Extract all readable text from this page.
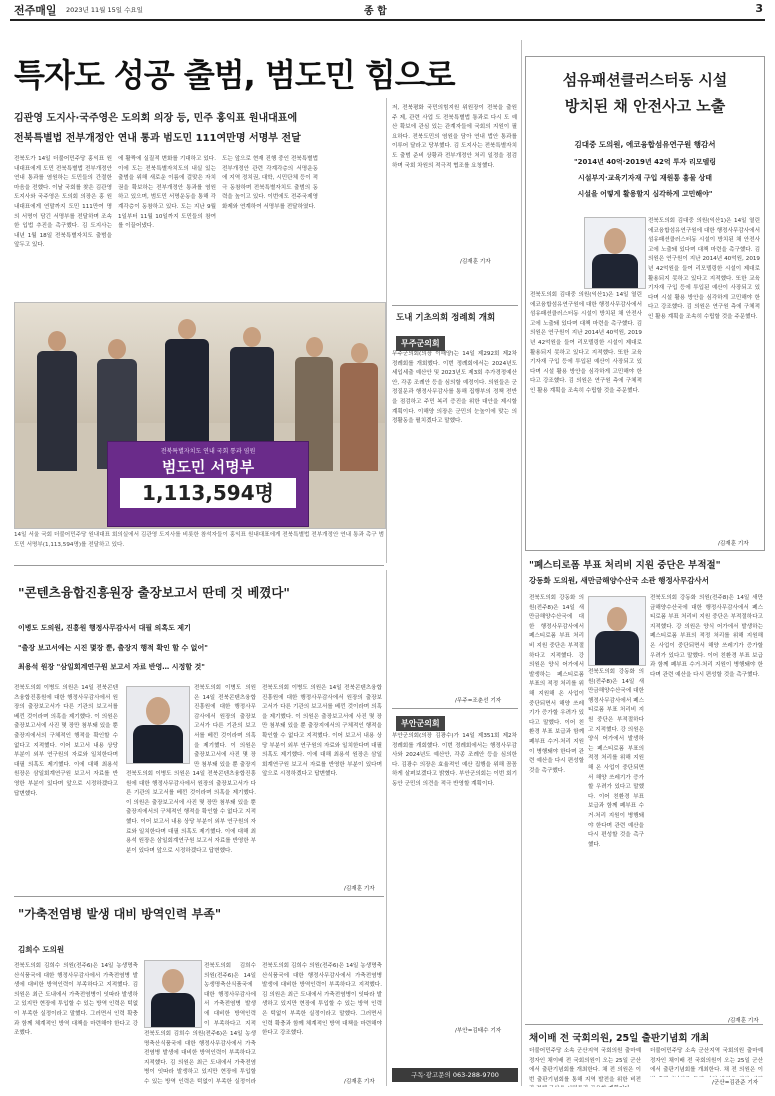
전주매일 2023년 11월 15일 수요일	종 합	3
특자도 성공 출범, 범도민 힘으로
김관영 도지사·국주영은 도의회 의장 등, 민주 홍익표 원내대표에
전북특별법 전부개정안 연내 통과 범도민 111여만명 서명부 전달
전북도가 14일 더불어민주당 홍익표 원내대표에게 도민 전북특별법 전부개정안 연내 통과를 염원하는 도민들의 간절한 마음을 전했다. 이날 국회를 찾은 김관영 도지사와 국주영은 도의회 의장은 홍 원내대표에게 연말까지 도민 111만여 명의 서명이 담긴 서명부를 전달하며 조속한 입법 추진을 촉구했다. 김 도지사는 내년 1월 18일 전북특별자치도 출범을 앞두고 있다.
에 활짝에 실질적 변화를 기대하고 있다. 이에 도는 전북특별자치도의 내실 있는 출범을 위해 새로운 이름에 걸맞은 자치권을 확보하는 전부개정안 통과를 염원하고 있으며, 범도민 서명운동을 통해 각계각층이 동참하고 있다. 도는 지난 9월 1일부터 11월 10일까지 도민들의 참여를 이끌어냈다.
도는 앞으로 현재 진행 중인 전북특별법 전부개정안 관련 각계각층의 서명운동에 지역 정치권, 대학, 시민단체 등이 적극 동참하며 전북특별자치도 출범의 동력을 높이고 있다. 이번에도 전주국제영화제와 연계하여 서명부를 전달하였다.
전북특별자치도 연내 국회 통과 염원
범도민 서명부
1,113,594명
14일 서울 국회 더불어민주당 원내대표 회의실에서 김관영 도지사를 비롯한 참석자들이 홍익표 원내대표에게 전북특별법 전부개정안 연내 통과 촉구 범도민 서명부(1,113,594명)를 전달하고 있다.
저, 전북평화 국민의힘지원 위원장이 전북을 출원 주 제, 관련 사업 도 전북특별법 통과로 다시 도 예산 확보에 관심 있는 관계자들에 국회의 지원이 필요하다. 전북도민의 염원을 담아 연내 법안 통과를 이루어 달라고 당부했다. 김 도지사는 전북특별자치도 출범 준비 상황과 전부개정안 처리 일정을 점검하며 국회 차원의 적극적 협조를 요청했다.
/김재훈 기자
도내 기초의회 정례회 개회
무주군의회
무주군의회(의장 이해양)는 14일 제292회 제2차 정례회를 개회했다. 이번 정례회에서는 2024년도 세입세출 예산안 및 2023년도 제3회 추가경정예산안, 각종 조례안 등을 심의할 예정이다. 의원들은 군정질문과 행정사무감사를 통해 집행부의 정책 전반을 점검하고 주민 복리 증진을 위한 대안을 제시할 계획이다. 이해양 의장은 군민의 눈높이에 맞는 의정활동을 펼치겠다고 말했다.
/무주=조춘선 기자
부안군의회
부안군의회(의장 김광수)가 14일 제351회 제2차 정례회를 개회했다. 이번 정례회에서는 행정사무감사와 2024년도 예산안, 각종 조례안 등을 심의한다. 김광수 의장은 효율적인 예산 집행을 위해 꼼꼼하게 살펴보겠다고 밝혔다. 부안군의회는 이번 회기 동안 군민의 의견을 적극 반영할 계획이다.
/부안=김태수 기자
구독·광고문의 063-288-9700
섬유패션클러스터동 시설
방치된 채 안전사고 노출
김대중 도의원, 에코융합섬유연구원 행감서
"2014년 40억·2019년 42억 투자 리모델링
시설부지·교육기자재 구입 재원통 흉물 상태
시설을 어떻게 활용할지 심각하게 고민해야"
전북도의회 김대중 의원(익산1)은 14일 열린 에코융합섬유연구원에 대한 행정사무감사에서 섬유패션클러스터동 시설이 방치된 채 안전사고에 노출돼 있다며 대책 마련을 촉구했다. 김 의원은 연구원이 지난 2014년 40억원, 2019년 42억원을 들여 리모델링한 시설이 제대로 활용되지 못하고 있다고 지적했다. 또한 교육기자재 구입 등에 투입된 예산이 사장되고 있다며 시설 활용 방안을 심각하게 고민해야 한다고 강조했다. 김 의원은 연구원 측에 구체적인 활용 계획을 조속히 수립할 것을 주문했다.
전북도의회 김대중 의원(익산1)은 14일 열린 에코융합섬유연구원에 대한 행정사무감사에서 섬유패션클러스터동 시설이 방치된 채 안전사고에 노출돼 있다며 대책 마련을 촉구했다. 김 의원은 연구원이 지난 2014년 40억원, 2019년 42억원을 들여 리모델링한 시설이 제대로 활용되지 못하고 있다고 지적했다. 또한 교육기자재 구입 등에 투입된 예산이 사장되고 있다며 시설 활용 방안을 심각하게 고민해야 한다고 강조했다. 김 의원은 연구원 측에 구체적인 활용 계획을 조속히 수립할 것을 주문했다.
/김재훈 기자
"폐스티로폼 부표 처리비 지원 중단은 부적절"
강동화 도의원, 새만금해양수산국 소관 행정사무감사서
전북도의회 강동화 의원(전주8)은 14일 새만금해양수산국에 대한 행정사무감사에서 폐스티로폼 부표 처리비 지원 중단은 부적절하다고 지적했다. 강 의원은 양식 어가에서 발생하는 폐스티로폼 부표의 적정 처리를 위해 지원해 온 사업이 중단되면서 해양 쓰레기가 증가할 우려가 있다고 말했다. 이어 친환경 부표 보급과 함께 폐부표 수거·처리 지원이 병행돼야 한다며 관련 예산을 다시 편성할 것을 촉구했다.
전북도의회 강동화 의원(전주8)은 14일 새만금해양수산국에 대한 행정사무감사에서 폐스티로폼 부표 처리비 지원 중단은 부적절하다고 지적했다. 강 의원은 양식 어가에서 발생하는 폐스티로폼 부표의 적정 처리를 위해 지원해 온 사업이 중단되면서 해양 쓰레기가 증가할 우려가 있다고 말했다. 이어 친환경 부표 보급과 함께 폐부표 수거·처리 지원이 병행돼야 한다며 관련 예산을 다시 편성할 것을 촉구했다.
전북도의회 강동화 의원(전주8)은 14일 새만금해양수산국에 대한 행정사무감사에서 폐스티로폼 부표 처리비 지원 중단은 부적절하다고 지적했다. 강 의원은 양식 어가에서 발생하는 폐스티로폼 부표의 적정 처리를 위해 지원해 온 사업이 중단되면서 해양 쓰레기가 증가할 우려가 있다고 말했다. 이어 친환경 부표 보급과 함께 폐부표 수거·처리 지원이 병행돼야 한다며 관련 예산을 다시 편성할 것을 촉구했다.
/김재훈 기자
채이배 전 국회의원, 25일 출판기념회 개최
더불어민주당 소속 군산지역 국회의원 출마예정자인 채이배 전 국회의원이 오는 25일 군산에서 출판기념회를 개최한다. 채 전 의원은 이번 출판기념회를 통해 지역 발전을 위한 비전
더불어민주당 소속 군산지역 국회의원 출마예정자인 채이배 전 국회의원이 오는 25일 군산에서 출판기념회를 개최한다. 채 전 의원은 이
/군산=김관준 기자
"콘텐츠융합진흥원장 출장보고서 딴데 것 베꼈다"
이병도 도의원, 진흥원 행정사무감사서 대필 의혹도 제기
"출장 보고서에는 시진 몇장 뿐, 출장지 행적 확인 할 수 없어"
최용석 원장 "삼일회계연구원 보고서 자료 반영… 시정할 것"
전북도의회 이병도 의원은 14일 전북콘텐츠융합진흥원에 대한 행정사무감사에서 원장의 출장보고서가 다른 기관의 보고서를 베낀 것이라며 의혹을 제기했다. 이 의원은 출장보고서에 사진 몇 장만 첨부돼 있을 뿐 출장지에서의 구체적인 행적을 확인할 수 없다고 지적했다. 이어 보고서 내용 상당 부분이 외부 연구원의 자료와 일치한다며 대필 의혹도 제기했다. 이에 대해 최용석 원장은 삼일회계연구원 보고서 자료를 반영한 부분이 있다며 앞으로 시정하겠다고 답변했다.
전북도의회 이병도 의원은 14일 전북콘텐츠융합진흥원에 대한 행정사무감사에서 원장의 출장보고서가 다른 기관의 보고서를 베낀 것이라며 의혹을 제기했다. 이 의원은 출장보고서에 사진 몇 장만 첨부돼 있을 뿐 출장지
전북도의회 이병도 의원은 14일 전북콘텐츠융합진흥원에 대한 행정사무감사에서 원장의 출장보고서가 다른 기관의 보고서를 베낀 것이라며 의혹을 제기했다. 이 의원은 출장보고서에 사진 몇 장만 첨부돼 있을 뿐 출장지에서의 구체적인 행적을 확인할 수 없다고 지적했다. 이어 보고서 내용 상당 부분이 외부 연구원의 자료와 일치한다며 대필 의혹도 제기했다. 이에 대해 최용석 원장은 삼일회계연구원 보고서 자료를 반영한 부분이 있다며 앞으로 시정하겠다고 답변했다.
전북도의회 이병도 의원은 14일 전북콘텐츠융합진흥원에 대한 행정사무감사에서 원장의 출장보고서가 다른 기관의 보고서를 베낀 것이라며 의혹을 제기했다. 이 의원은 출장보고서에 사진 몇 장만 첨부돼 있을 뿐 출장지에서의 구체적인 행적을 확인할 수 없다고 지적했다. 이어 보고서 내용 상당 부분이 외부 연구원의 자료와 일치한다며 대필 의혹도 제기했다. 이에 대해 최용석 원장은 삼일회계연구원 보고서 자료를 반영한 부분이 있다며 앞으로 시정하겠다고 답변했다.
/김재훈 기자
"가축전염병 발생 대비 방역인력 부족"
김희수 도의원
전북도의회 김희수 의원(전주6)은 14일 농생명축산식품국에 대한 행정사무감사에서 가축전염병 발생에 대비한 방역인력이 부족하다고 지적했다. 김 의원은 최근 도내에서 가축전염병이 잇따라 발생하고 있지만 현장에 투입할 수 있는 방역 인력은 턱없이 부족한 실정이라고 말했다. 그러면서 인력 확충과 함께 체계적인 방역 대책을 마련해야 한다고 강조했다.
전북도의회 김희수 의원(전주6)은 14일 농생명축산식품국에 대한 행정사무감사에서 가축전염병 발생에 대비한 방역인력이 부족하다고 지적
전북도의회 김희수 의원(전주6)은 14일 농생명축산식품국에 대한 행정사무감사에서 가축전염병 발생에 대비한 방역인력이 부족하다고 지적했다. 김 의원은 최근 도내에서 가축전염병이 잇따라 발생하고 있지만 현장에 투입할 수 있는 방역 인력은 턱없이 부족한 실정이라
전북도의회 김희수 의원(전주6)은 14일 농생명축산식품국에 대한 행정사무감사에서 가축전염병 발생에 대비한 방역인력이 부족하다고 지적했다. 김 의원은 최근 도내에서 가축전염병이 잇따라 발생하고 있지만 현장에 투입할 수 있는 방역 인력은 턱없이 부족한 실정이라고 말했다. 그러면서 인력 확충과 함께 체계적인 방역 대책을 마련해야 한다고 강조했다.
/김재훈 기자
